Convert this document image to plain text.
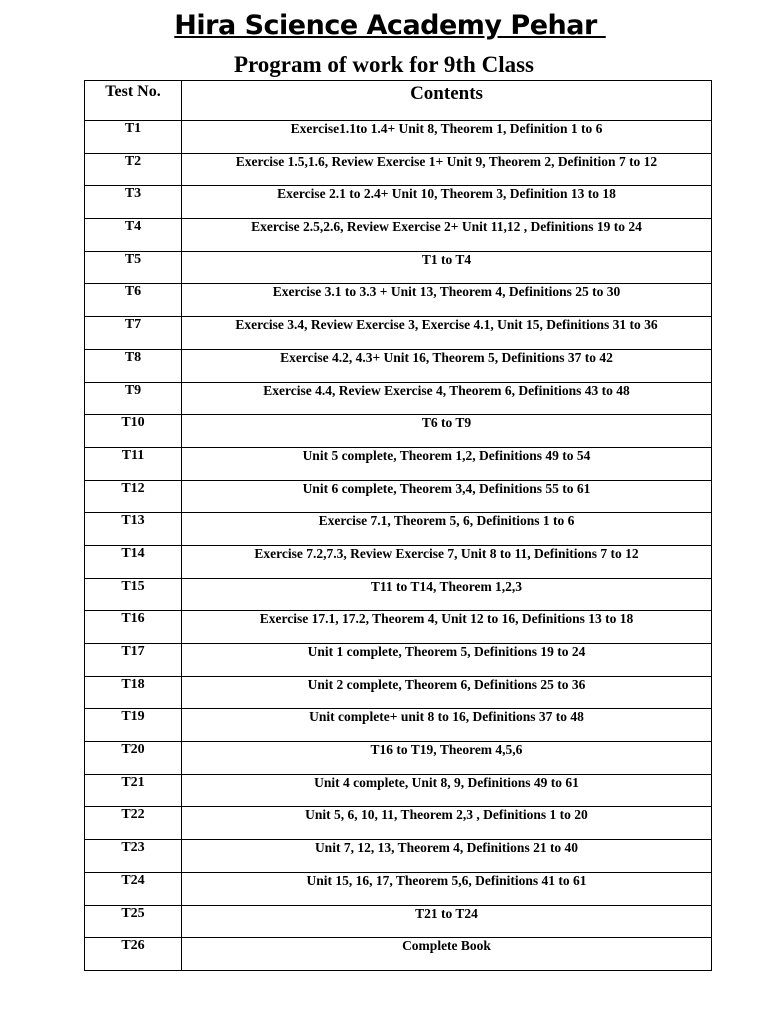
Hira Science Academy Pehar
Program of work for 9th Class
Test No.	Contents

T1	Exercise1.1to 1.4+ Unit 8, Theorem 1, Definition 1 to 6

T2	Exercise 1.5,1.6, Review Exercise 1+ Unit 9, Theorem 2, Definition 7 to 12

T3	Exercise 2.1 to 2.4+ Unit 10, Theorem 3, Definition 13 to 18

T4	Exercise 2.5,2.6, Review Exercise 2+ Unit 11,12 , Definitions 19 to 24

T5	T1 to T4

T6	Exercise 3.1 to 3.3 + Unit 13, Theorem 4, Definitions 25 to 30

T7	Exercise 3.4, Review Exercise 3, Exercise 4.1, Unit 15, Definitions 31 to 36

T8	Exercise 4.2, 4.3+ Unit 16, Theorem 5, Definitions 37 to 42

T9	Exercise 4.4, Review Exercise 4, Theorem 6, Definitions 43 to 48

T10	T6 to T9

T11	Unit 5 complete, Theorem 1,2, Definitions 49 to 54

T12	Unit 6 complete, Theorem 3,4, Definitions 55 to 61

T13	Exercise 7.1, Theorem 5, 6, Definitions 1 to 6

T14	Exercise 7.2,7.3, Review Exercise 7, Unit 8 to 11, Definitions 7 to 12

T15	T11 to T14, Theorem 1,2,3

T16	Exercise 17.1, 17.2, Theorem 4, Unit 12 to 16, Definitions 13 to 18

T17	Unit 1 complete, Theorem 5, Definitions 19 to 24

T18	Unit 2 complete, Theorem 6, Definitions 25 to 36

T19	Unit complete+ unit 8 to 16, Definitions 37 to 48

T20	T16 to T19, Theorem 4,5,6

T21	Unit 4 complete, Unit 8, 9, Definitions 49 to 61

T22	Unit 5, 6, 10, 11, Theorem 2,3 , Definitions 1 to 20

T23	Unit 7, 12, 13, Theorem 4, Definitions 21 to 40

T24	Unit 15, 16, 17, Theorem 5,6, Definitions 41 to 61

T25	T21 to T24

T26	Complete Book
